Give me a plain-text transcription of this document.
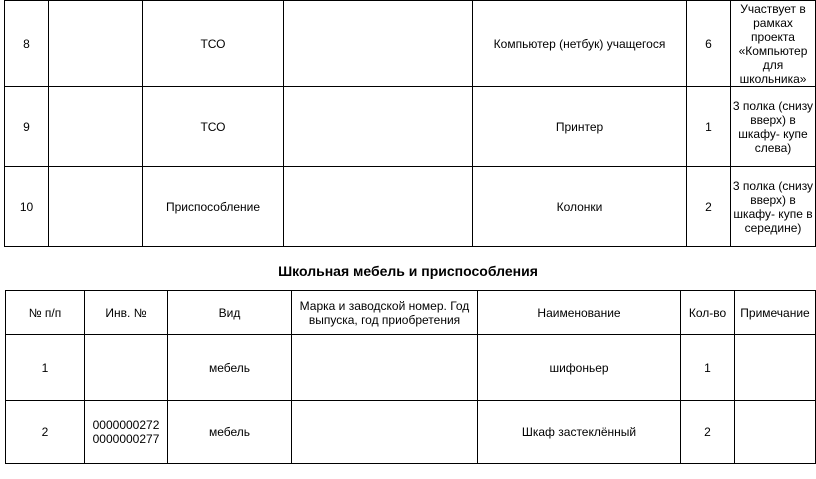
8		ТСО		Компьютер (нетбук) учащегося	6	Участвует в рамках проекта «Компьютер для школьника»
9		ТСО		Принтер	1	3 полка (снизу вверх) в шкафу- купе слева)
10		Приспособление		Колонки	2	3 полка (снизу вверх) в шкафу- купе в середине)
Школьная мебель и приспособления
№ п/п	Инв. №	Вид	Марка и заводской номер. Год выпуска, год приобретения	Наименование	Кол-во	Примечание
1		мебель		шифоньер	1	
2	0000000272 0000000277	мебель		Шкаф застеклённый	2	
